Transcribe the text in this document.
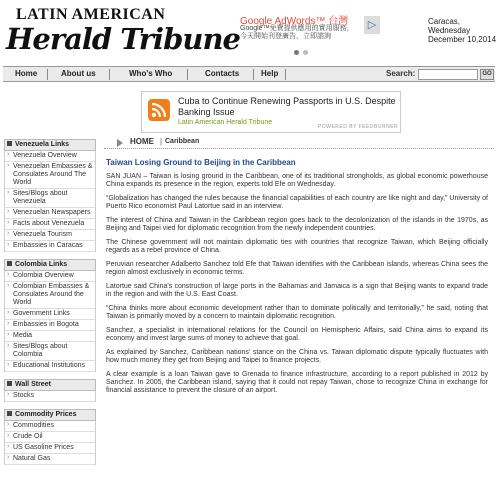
LATIN AMERICAN
Herald Tribune
Google AdWords™ 台灣
Google™免費提供應用的實用服務，今天開始刊登廣告，立即諮詢
▷	Caracas,
Wednesday
December 10,2014
Home	About us	Who's Who	Contacts	Help	Search:	GO
Cuba to Continue Renewing Passports in U.S. Despite Banking Issue
Latin American Herald Tribune
POWERED BY FEEDBURNER
Venezuela Links
› Venezuela Overview
› Venezuelan Embassies & Consulates Around The World
› Sites/Blogs about Venezuela
› Venezuelan Newspapers
› Facts about Venezuela
› Venezuela Tourism
› Embassies in Caracas
Colombia Links
› Colombia Overview
› Colombian Embassies & Consulates Around the World
› Government Links
› Embassies in Bogota
› Media
› Sites/Blogs about Colombia
› Educational Institutions
Wall Street
› Stocks
Commodity Prices
› Commodities
› Crude Oil
› US Gasoline Prices
› Natural Gas
HOME | Caribbean
Taiwan Losing Ground to Beijing in the Caribbean

SAN JUAN – Taiwan is losing ground in the Caribbean, one of its traditional strongholds, as global economic powerhouse China expands its presence in the region, experts told Efe on Wednesday.

“Globalization has changed the rules because the financial capabilities of each country are like night and day,” University of Puerto Rico economist Paul Latortue said in an interview.

The interest of China and Taiwan in the Caribbean region goes back to the decolonization of the islands in the 1970s, as Beijing and Taipei vied for diplomatic recognition from the newly independent countries.

The Chinese government will not maintain diplomatic ties with countries that recognize Taiwan, which Beijing officially regards as a rebel province of China.

Peruvian researcher Adalberto Sanchez told Efe that Taiwan identifies with the Caribbean islands, whereas China sees the region almost exclusively in economic terms.

Latortue said China's construction of large ports in the Bahamas and Jamaica is a sign that Beijing wants to expand trade in the region and with the U.S. East Coast.

“China thinks more about economic development rather than to dominate politically and territorially,” he said, noting that Taiwan is primarily moved by a concern to maintain diplomatic recognition.

Sanchez, a specialist in international relations for the Council on Hemispheric Affairs, said China aims to expand its economy and invest large sums of money to achieve that goal.

As explained by Sanchez, Caribbean nations' stance on the China vs. Taiwan diplomatic dispute typically fluctuates with how much money they get from Beijing and Taipei to finance projects.

A clear example is a loan Taiwan gave to Grenada to finance infrastructure, according to a report published in 2012 by Sanchez. In 2005, the Caribbean island, saying that it could not repay Taiwan, chose to recognize China in exchange for financial assistance to prevent the closure of an airport.
